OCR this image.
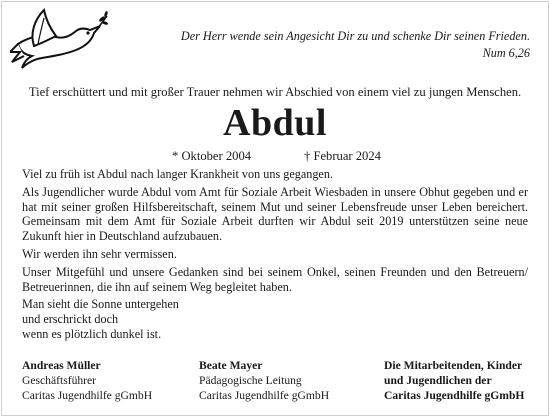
Der Herr wende sein Angesicht Dir zu und schenke Dir seinen Frieden.
Num 6,26
Tief erschüttert und mit großer Trauer nehmen wir Abschied von einem viel zu jungen Menschen.
Abdul
* Oktober 2004	† Februar 2024

Viel zu früh ist Abdul nach langer Krankheit von uns gegangen.

Als Jugendlicher wurde Abdul vom Amt für Soziale Arbeit Wiesbaden in unsere Obhut gegeben und er hat mit seiner großen Hilfsbereitschaft, seinem Mut und seiner Lebensfreude unser Leben bereichert. Gemeinsam mit dem Amt für Soziale Arbeit durften wir Abdul seit 2019 unterstützen seine neue Zukunft hier in Deutschland aufzubauen.

Wir werden ihn sehr vermissen.

Unser Mitgefühl und unsere Gedanken sind bei seinem Onkel, seinen Freunden und den Betreuern/ Betreuerinnen, die ihn auf seinem Weg begleitet haben.

Man sieht die Sonne untergehen
und erschrickt doch
wenn es plötzlich dunkel ist.

Andreas Müller
Geschäftsführer
Caritas Jugendhilfe gGmbH
Beate Mayer
Pädagogische Leitung
Caritas Jugendhilfe gGmbH
Die Mitarbeitenden, Kinder
und Jugendlichen der
Caritas Jugendhilfe gGmbH
